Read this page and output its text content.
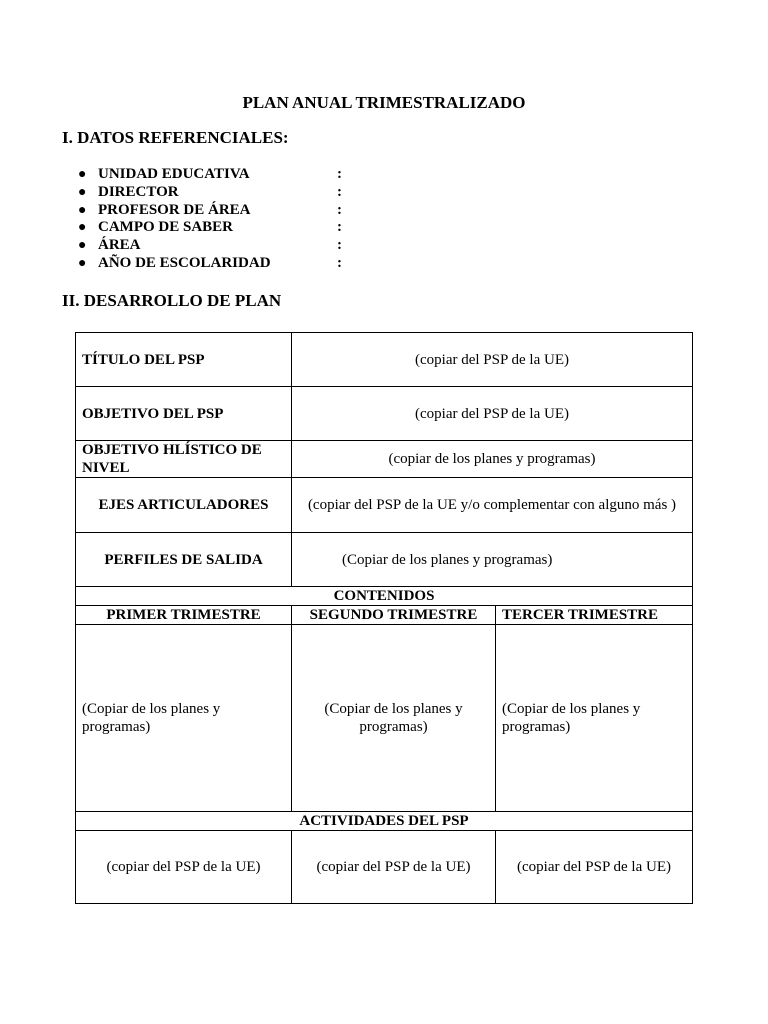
PLAN ANUAL TRIMESTRALIZADO
I. DATOS REFERENCIALES:
● UNIDAD EDUCATIVA	:
● DIRECTOR	:
● PROFESOR DE ÁREA	:
● CAMPO DE SABER	:
● ÁREA	:
● AÑO DE ESCOLARIDAD	:
II. DESARROLLO DE PLAN
TÍTULO DEL PSP	(copiar del PSP de la UE)	
OBJETIVO DEL PSP	(copiar del PSP de la UE)	
OBJETIVO HLÍSTICO DE NIVEL	(copiar de los planes y programas)	
EJES ARTICULADORES	(copiar del PSP de la UE y/o complementar con alguno más )	
PERFILES DE SALIDA	(Copiar de los planes y programas)	
CONTENIDOS		
PRIMER TRIMESTRE	SEGUNDO TRIMESTRE	TERCER TRIMESTRE
(Copiar de los planes y programas)	(Copiar de los planes y programas)	(Copiar de los planes y programas)
ACTIVIDADES DEL PSP		
(copiar del PSP de la UE)	(copiar del PSP de la UE)	(copiar del PSP de la UE)
